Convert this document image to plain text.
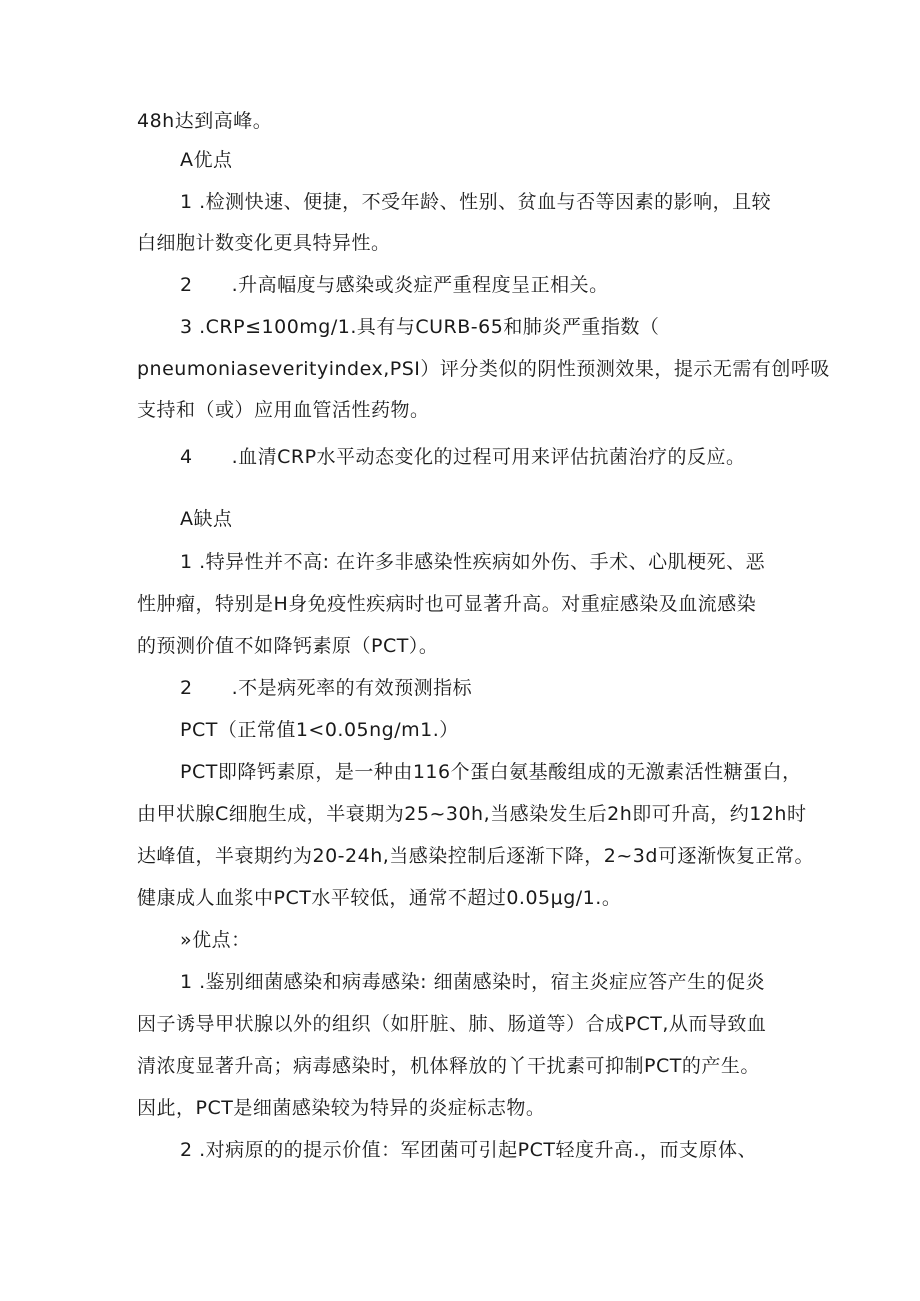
48h达到高峰。
A优点
1 .检测快速、便捷，不受年龄、性别、贫血与否等因素的影响，且较
白细胞计数变化更具特异性。
2　　.升高幅度与感染或炎症严重程度呈正相关。
3 .CRP≤100mg/1.具有与CURB-65和肺炎严重指数（
pneumoniaseverityindex,PSI）评分类似的阴性预测效果，提示无需有创呼吸
支持和（或）应用血管活性药物。
4　　.血清CRP水平动态变化的过程可用来评估抗菌治疗的反应。
A缺点
1 .特异性并不高: 在许多非感染性疾病如外伤、手术、心肌梗死、恶
性肿瘤，特别是H身免疫性疾病时也可显著升高。对重症感染及血流感染
的预测价值不如降钙素原（PCT）。
2　　.不是病死率的有效预测指标
PCT（正常值1<0.05ng/m1.）
PCT即降钙素原，是一种由116个蛋白氨基酸组成的无激素活性糖蛋白，
由甲状腺C细胞生成，半衰期为25~30h,当感染发生后2h即可升高，约12h时
达峰值，半衰期约为20-24h,当感染控制后逐渐下降，2~3d可逐渐恢复正常。
健康成人血浆中PCT水平较低，通常不超过0.05μg/1.。
»优点：
1 .鉴别细菌感染和病毒感染: 细菌感染时，宿主炎症应答产生的促炎
因子诱导甲状腺以外的组织（如肝脏、肺、肠道等）合成PCT,从而导致血
清浓度显著升高；病毒感染时，机体释放的丫干扰素可抑制PCT的产生。
因此，PCT是细菌感染较为特异的炎症标志物。
2 .对病原的的提示价值：军团菌可引起PCT轻度升高.，而支原体、
